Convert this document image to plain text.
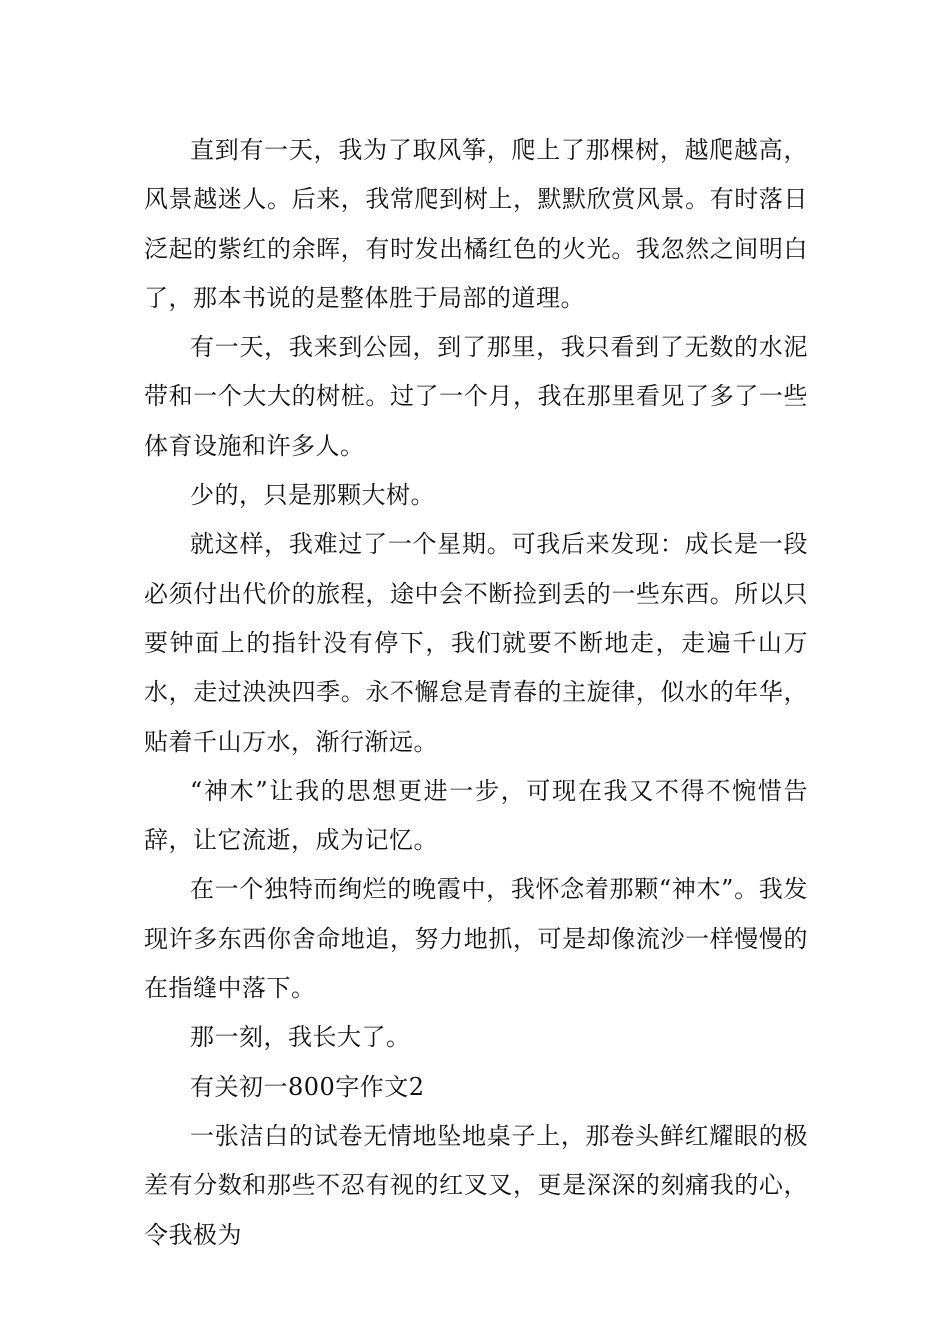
直到有一天，我为了取风筝，爬上了那棵树，越爬越高，风景越迷人。后来，我常爬到树上，默默欣赏风景。有时落日泛起的紫红的余晖，有时发出橘红色的火光。我忽然之间明白了，那本书说的是整体胜于局部的道理。

有一天，我来到公园，到了那里，我只看到了无数的水泥带和一个大大的树桩。过了一个月，我在那里看见了多了一些体育设施和许多人。

少的，只是那颗大树。

就这样，我难过了一个星期。可我后来发现：成长是一段必须付出代价的旅程，途中会不断捡到丢的一些东西。所以只要钟面上的指针没有停下，我们就要不断地走，走遍千山万水，走过泱泱四季。永不懈怠是青春的主旋律，似水的年华，贴着千山万水，渐行渐远。

“神木”让我的思想更进一步，可现在我又不得不惋惜告辞，让它流逝，成为记忆。

在一个独特而绚烂的晚霞中，我怀念着那颗“神木”。我发现许多东西你舍命地追，努力地抓，可是却像流沙一样慢慢的在指缝中落下。

那一刻，我长大了。

有关初一800字作文2

一张洁白的试卷无情地坠地桌子上，那卷头鲜红耀眼的极差有分数和那些不忍有视的红叉叉，更是深深的刻痛我的心，令我极为
